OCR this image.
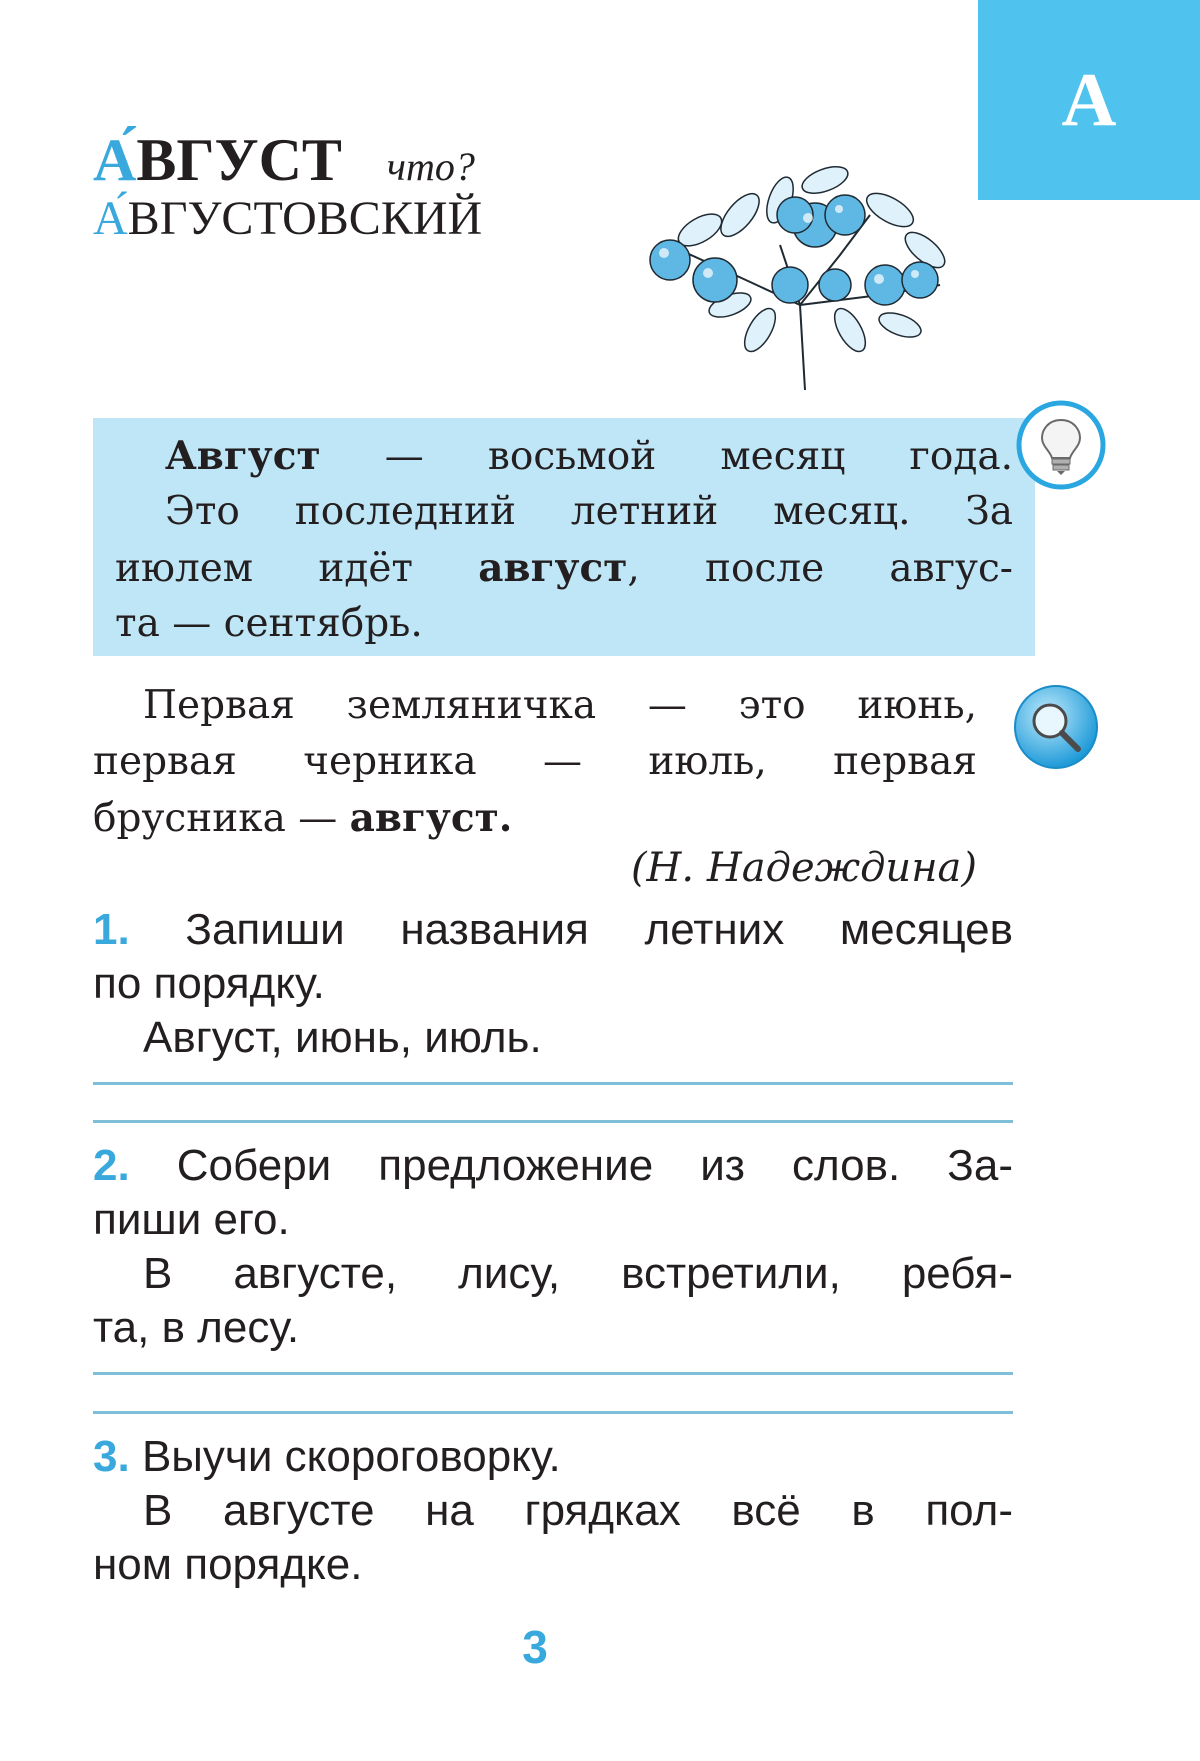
А
А́ВГУСТ что?
А́ВГУСТОВСКИЙ
Август — восьмой месяц года.
Это последний летний месяц. За
июлем идёт август, после авгус-
та — сентябрь.
Первая земляничка — это июнь,
первая черника — июль, первая
брусника — август.
(Н. Надеждина)
1. Запиши названия летних месяцев
по порядку.
Август, июнь, июль.
2. Собери предложение из слов. За-
пиши его.
В августе, лису, встретили, ребя-
та, в лесу.
3. Выучи скороговорку.
В августе на грядках всё в пол-
ном порядке.
3
